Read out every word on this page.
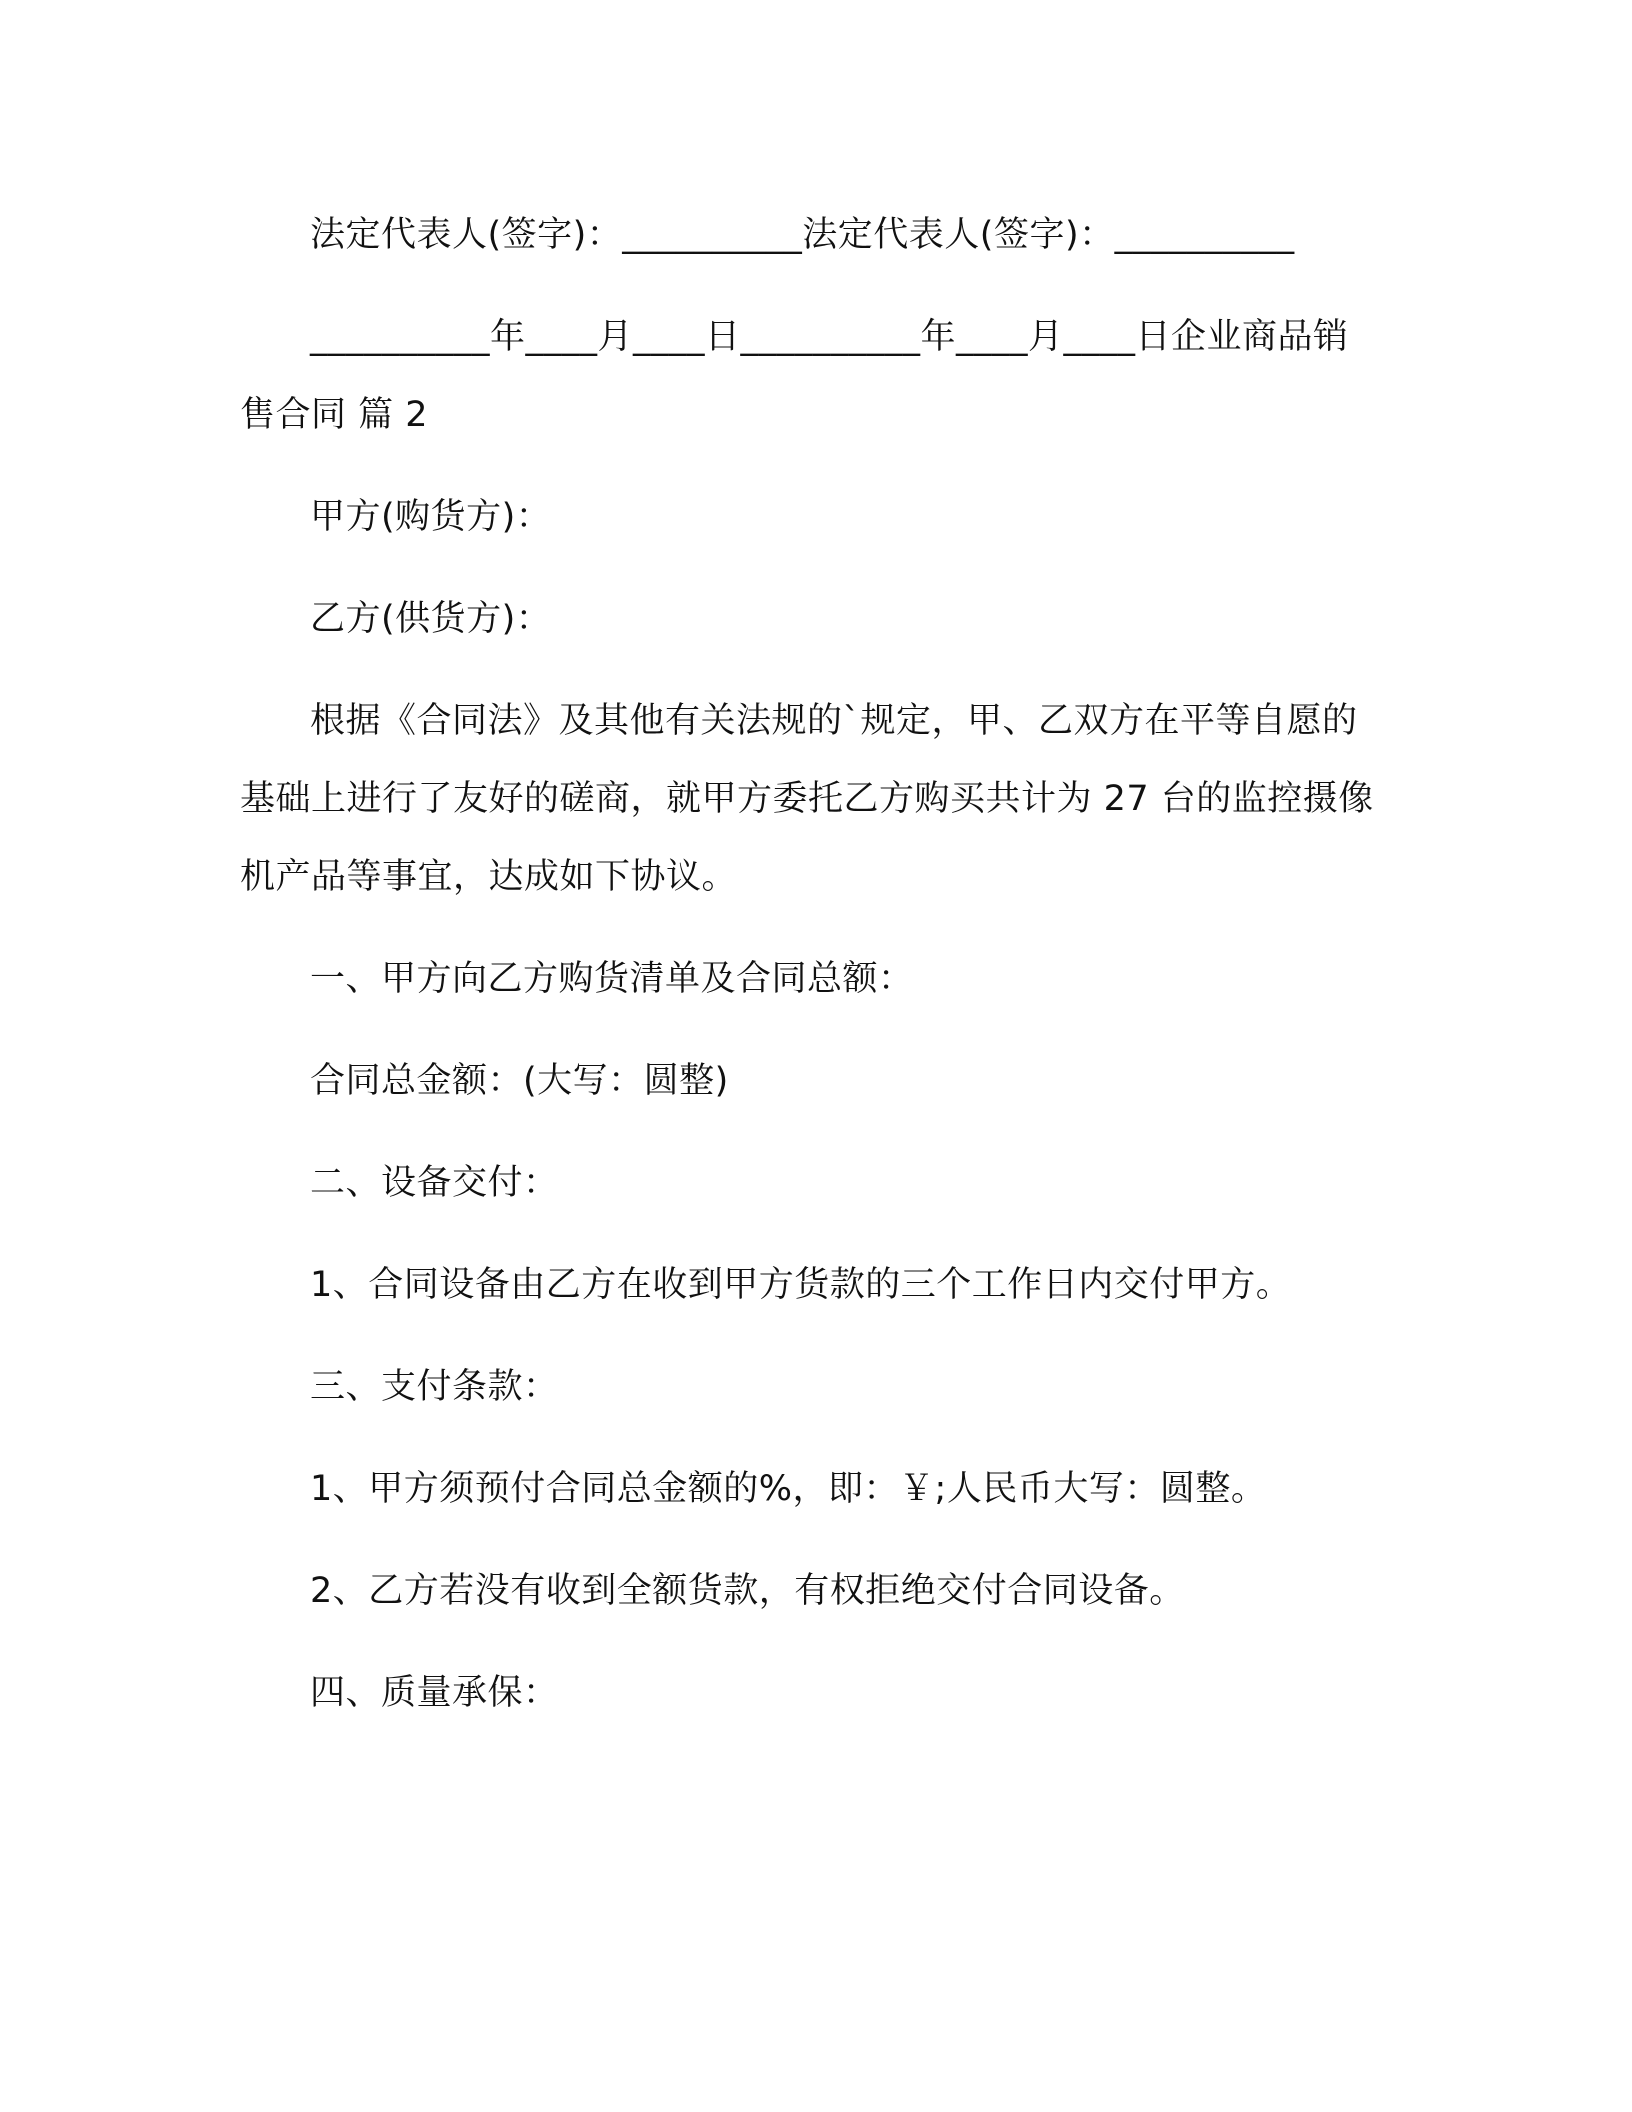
法定代表人(签字)：__________法定代表人(签字)：__________

__________年____月____日__________年____月____日企业商品销售合同 篇 2

甲方(购货方)：

乙方(供货方)：

根据《合同法》及其他有关法规的`规定，甲、乙双方在平等自愿的基础上进行了友好的磋商，就甲方委托乙方购买共计为 27 台的监控摄像机产品等事宜，达成如下协议。

一、甲方向乙方购货清单及合同总额：

合同总金额：(大写：圆整)

二、设备交付：

1、合同设备由乙方在收到甲方货款的三个工作日内交付甲方。

三、支付条款：

1、甲方须预付合同总金额的%，即：￥;人民币大写：圆整。

2、乙方若没有收到全额货款，有权拒绝交付合同设备。

四、质量承保：
